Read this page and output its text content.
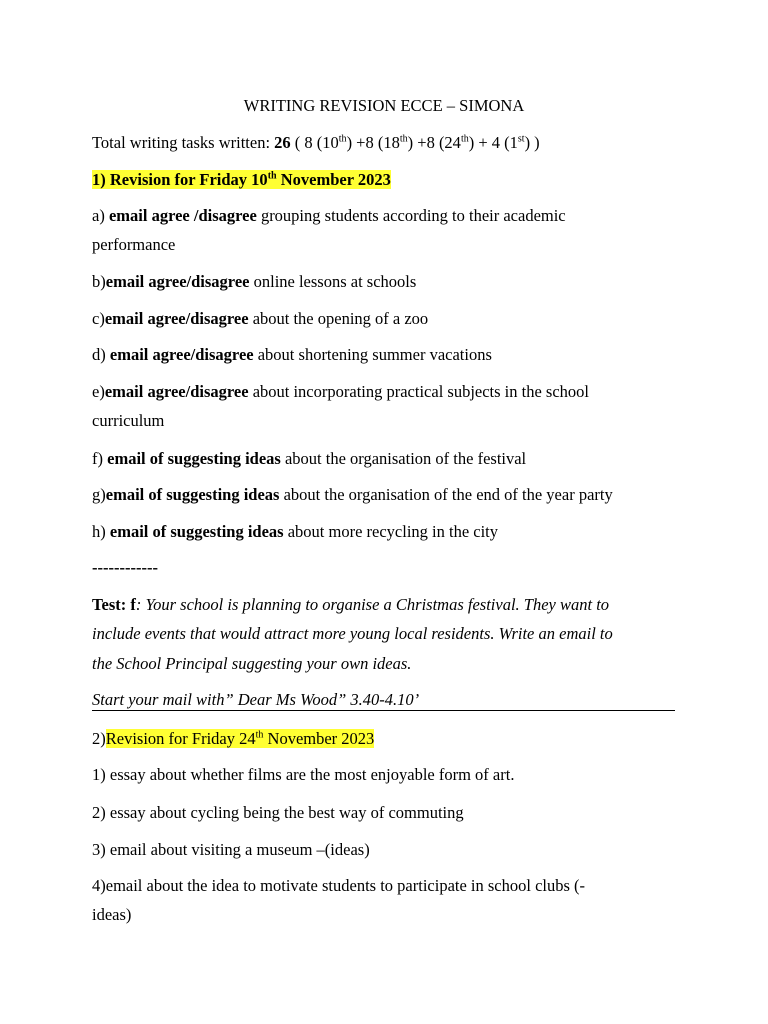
WRITING REVISION ECCE – SIMONA
Total writing tasks written: 26 ( 8 (10th) +8 (18th) +8 (24th) + 4 (1st) )
1) Revision for Friday 10th November 2023
a) email agree /disagree grouping students according to their academic
performance
b)email agree/disagree online lessons at schools
c)email agree/disagree about the opening of a zoo
d) email agree/disagree about shortening summer vacations
e)email agree/disagree about incorporating practical subjects in the school
curriculum
f) email of suggesting ideas about the organisation of the festival
g)email of suggesting ideas about the organisation of the end of the year party
h) email of suggesting ideas about more recycling in the city
------------
Test: f: Your school is planning to organise a Christmas festival. They want to
include events that would attract more young local residents. Write an email to
the School Principal suggesting your own ideas.
Start your mail with” Dear Ms Wood” 3.40-4.10’
2)Revision for Friday 24th November 2023
1) essay about whether films are the most enjoyable form of art.
2) essay about cycling being the best way of commuting
3) email about visiting a museum –(ideas)
4)email about the idea to motivate students to participate in school clubs (-
ideas)
